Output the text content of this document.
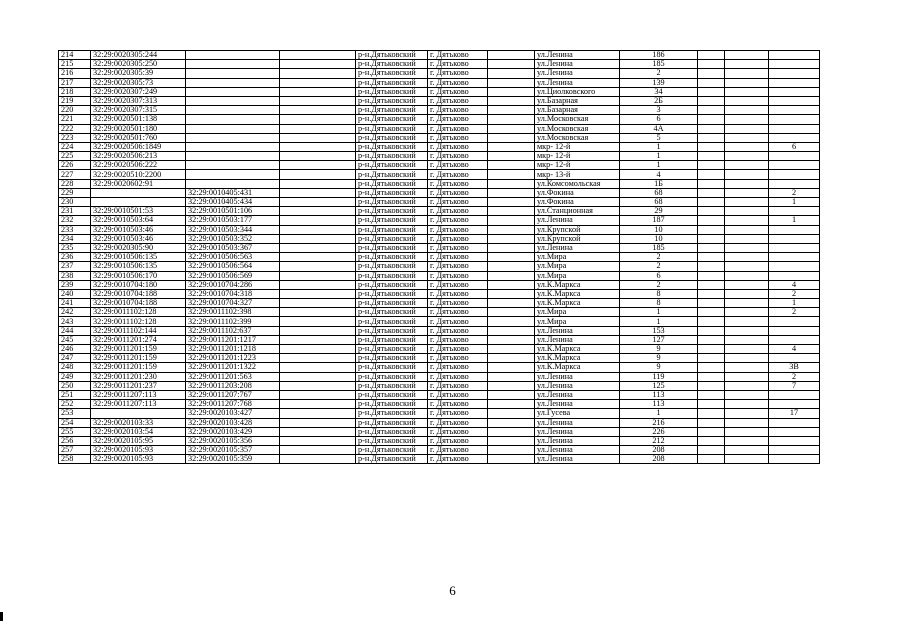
214	32:29:0020305:244			р-н.Дятьковский	г. Дятьково		ул.Ленина	186			
215	32:29:0020305:250			р-н.Дятьковский	г. Дятьково		ул.Ленина	185			
216	32:29:0020305:39			р-н.Дятьковский	г. Дятьково		ул.Ленина	2			
217	32:29:0020305:73			р-н.Дятьковский	г. Дятьково		ул.Ленина	139			
218	32:29:0020307:249			р-н.Дятьковский	г. Дятьково		ул.Циолковского	34			
219	32:29:0020307:313			р-н.Дятьковский	г. Дятьково		ул.Базарная	2Б			
220	32:29:0020307:315			р-н.Дятьковский	г. Дятьково		ул.Базарная	3			
221	32:29:0020501:138			р-н.Дятьковский	г. Дятьково		ул.Московская	6			
222	32:29:0020501:180			р-н.Дятьковский	г. Дятьково		ул.Московская	4А			
223	32:29:0020501:760			р-н.Дятьковский	г. Дятьково		ул.Московская	5			
224	32:29:0020506:1849			р-н.Дятьковский	г. Дятьково		мкр- 12-й	1			6
225	32:29:0020506:213			р-н.Дятьковский	г. Дятьково		мкр- 12-й	1			
226	32:29:0020506:222			р-н.Дятьковский	г. Дятьково		мкр- 12-й	1			
227	32:29:0020510:2200			р-н.Дятьковский	г. Дятьково		мкр- 13-й	4			
228	32:29:0020602:91			р-н.Дятьковский	г. Дятьково		ул.Комсомольская	1Б			
229		32:29:0010405:431		р-н.Дятьковский	г. Дятьково		ул.Фокина	68			2
230		32:29:0010405:434		р-н.Дятьковский	г. Дятьково		ул.Фокина	68			1
231	32:29:0010501:53	32:29:0010501:106		р-н.Дятьковский	г. Дятьково		ул.Станционная	29			
232	32:29:0010503:64	32:29:0010503:177		р-н.Дятьковский	г. Дятьково		ул.Ленина	187			1
233	32:29:0010503:46	32:29:0010503:344		р-н.Дятьковский	г. Дятьково		ул.Крупской	10			
234	32:29:0010503:46	32:29:0010503:352		р-н.Дятьковский	г. Дятьково		ул.Крупской	10			
235	32:29:0020305:90	32:29:0010503:367		р-н.Дятьковский	г. Дятьково		ул.Ленина	185			
236	32:29:0010506:135	32:29:0010506:563		р-н.Дятьковский	г. Дятьково		ул.Мира	2			
237	32:29:0010506:135	32:29:0010506:564		р-н.Дятьковский	г. Дятьково		ул.Мира	2			
238	32:29:0010506:170	32:29:0010506:569		р-н.Дятьковский	г. Дятьково		ул.Мира	6			
239	32:29:0010704:180	32:29:0010704:286		р-н.Дятьковский	г. Дятьково		ул.К.Маркса	2			4
240	32:29:0010704:188	32:29:0010704:318		р-н.Дятьковский	г. Дятьково		ул.К.Маркса	8			2
241	32:29:0010704:188	32:29:0010704:327		р-н.Дятьковский	г. Дятьково		ул.К.Маркса	8			1
242	32:29:0011102:128	32:29:0011102:398		р-н.Дятьковский	г. Дятьково		ул.Мира	1			2
243	32:29:0011102:128	32:29:0011102:399		р-н.Дятьковский	г. Дятьково		ул.Мира	1			
244	32:29:0011102:144	32:29:0011102:637		р-н.Дятьковский	г. Дятьково		ул.Ленина	153			
245	32:29:0011201:274	32:29:0011201:1217		р-н.Дятьковский	г. Дятьково		ул.Ленина	127			
246	32:29:0011201:159	32:29:0011201:1218		р-н.Дятьковский	г. Дятьково		ул.К.Маркса	9			4
247	32:29:0011201:159	32:29:0011201:1223		р-н.Дятьковский	г. Дятьково		ул.К.Маркса	9			
248	32:29:0011201:159	32:29:0011201:1322		р-н.Дятьковский	г. Дятьково		ул.К.Маркса	9			3В
249	32:29:0011201:230	32:29:0011201:563		р-н.Дятьковский	г. Дятьково		ул.Ленина	119			2
250	32:29:0011201:237	32:29:0011203:208		р-н.Дятьковский	г. Дятьково		ул.Ленина	125			7
251	32:29:0011207:113	32:29:0011207:767		р-н.Дятьковский	г. Дятьково		ул.Ленина	113			
252	32:29:0011207:113	32:29:0011207:768		р-н.Дятьковский	г. Дятьково		ул.Ленина	113			
253		32:29:0020103:427		р-н.Дятьковский	г. Дятьково		ул.Гусева	1			17
254	32:29:0020103:33	32:29:0020103:428		р-н.Дятьковский	г. Дятьково		ул.Ленина	216			
255	32:29:0020103:54	32:29:0020103:429		р-н.Дятьковский	г. Дятьково		ул.Ленина	226			
256	32:29:0020105:95	32:29:0020105:356		р-н.Дятьковский	г. Дятьково		ул.Ленина	212			
257	32:29:0020105:93	32:29:0020105:357		р-н.Дятьковский	г. Дятьково		ул.Ленина	208			
258	32:29:0020105:93	32:29:0020105:359		р-н.Дятьковский	г. Дятьково		ул.Ленина	208			
6
